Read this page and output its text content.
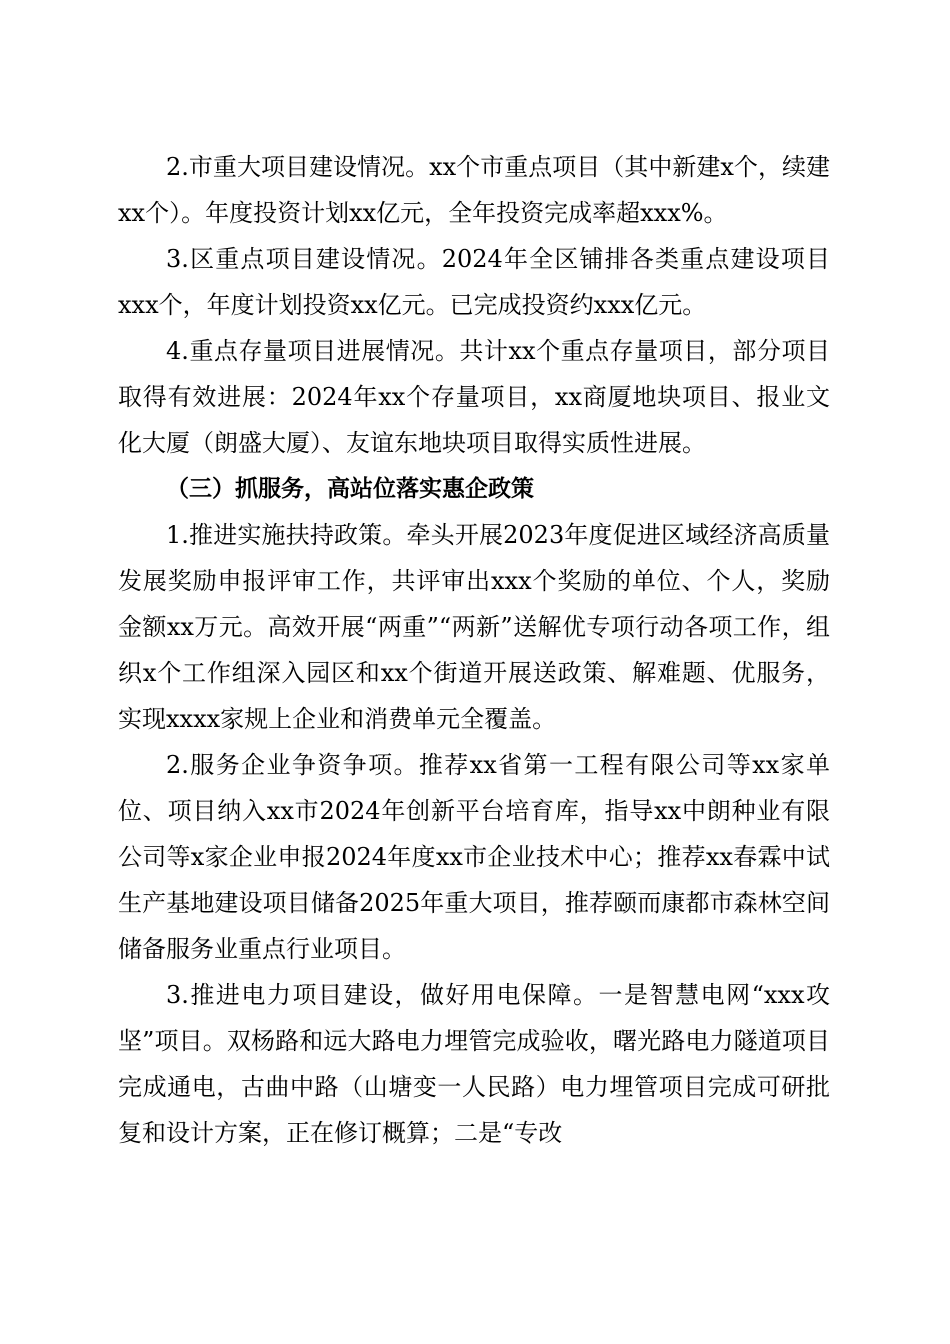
2.市重大项目建设情况。xx个市重点项目（其中新建x个，续建xx个）。年度投资计划xx亿元，全年投资完成率超xxx%。

3.区重点项目建设情况。2024年全区铺排各类重点建设项目xxx个，年度计划投资xx亿元。已完成投资约xxx亿元。

4.重点存量项目进展情况。共计xx个重点存量项目，部分项目取得有效进展：2024年xx个存量项目，xx商厦地块项目、报业文化大厦（朗盛大厦）、友谊东地块项目取得实质性进展。

（三）抓服务，高站位落实惠企政策

1.推进实施扶持政策。牵头开展2023年度促进区域经济高质量发展奖励申报评审工作，共评审出xxx个奖励的单位、个人，奖励金额xx万元。高效开展“两重”“两新”送解优专项行动各项工作，组织x个工作组深入园区和xx个街道开展送政策、解难题、优服务，实现xxxx家规上企业和消费单元全覆盖。

2.服务企业争资争项。推荐xx省第一工程有限公司等xx家单位、项目纳入xx市2024年创新平台培育库，指导xx中朗种业有限公司等x家企业申报2024年度xx市企业技术中心；推荐xx春霖中试生产基地建设项目储备2025年重大项目，推荐颐而康都市森林空间储备服务业重点行业项目。

3.推进电力项目建设，做好用电保障。一是智慧电网“xxx攻坚”项目。双杨路和远大路电力埋管完成验收，曙光路电力隧道项目完成通电，古曲中路（山塘变一人民路）电力埋管项目完成可研批复和设计方案，正在修订概算；二是“专改
